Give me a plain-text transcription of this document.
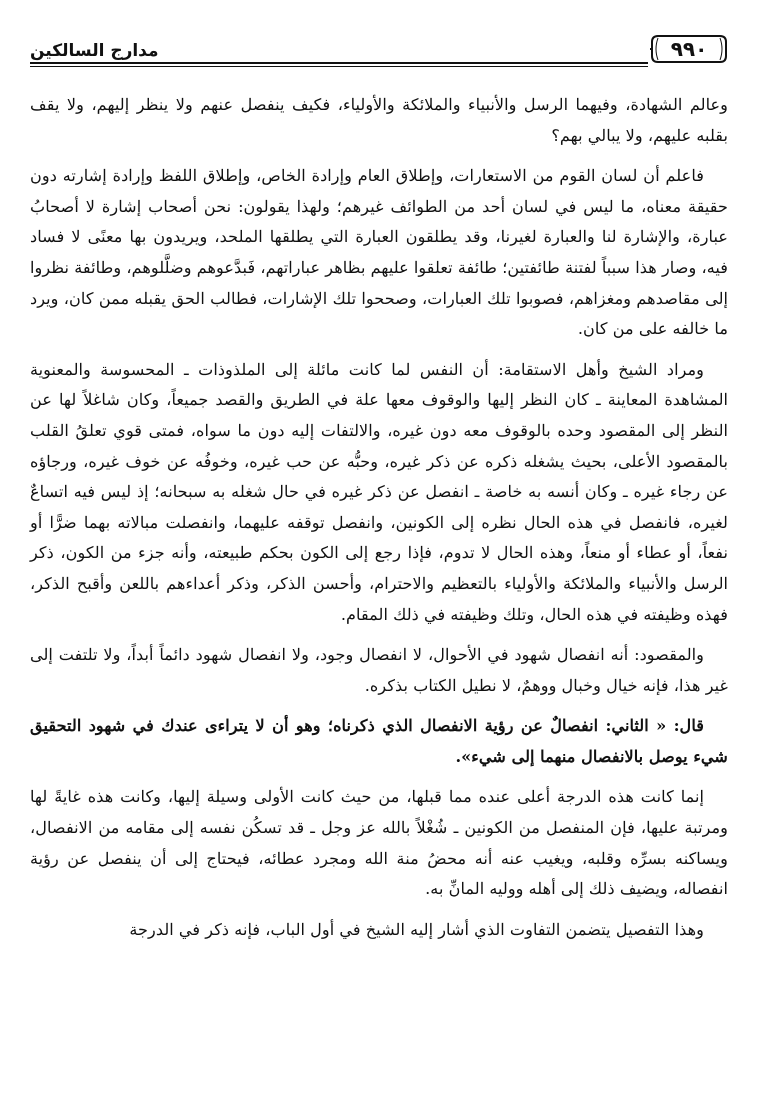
٩٩٠
مدارج السالكين

وعالم الشهادة، وفيهما الرسل والأنبياء والملائكة والأولياء، فكيف ينفصل عنهم ولا ينظر إليهم، ولا يقف بقلبه عليهم، ولا يبالي بهم؟

فاعلم أن لسان القوم من الاستعارات، وإطلاق العام وإرادة الخاص، وإطلاق اللفظ وإرادة إشارته دون حقيقة معناه، ما ليس في لسان أحد من الطوائف غيرهم؛ ولهذا يقولون: نحن أصحاب إشارة لا أصحابُ عبارة، والإشارة لنا والعبارة لغيرنا، وقد يطلقون العبارة التي يطلقها الملحد، ويريدون بها معنًى لا فساد فيه، وصار هذا سبباً لفتنة طائفتين؛ طائفة تعلقوا عليهم بظاهر عباراتهم، فَبدَّعوهم وضلَّلوهم، وطائفة نظروا إلى مقاصدهم ومغزاهم، فصوبوا تلك العبارات، وصححوا تلك الإشارات، فطالب الحق يقبله ممن كان، ويرد ما خالفه على من كان.

ومراد الشيخ وأهل الاستقامة: أن النفس لما كانت مائلة إلى الملذوذات ـ المحسوسة والمعنوية المشاهدة المعاينة ـ كان النظر إليها والوقوف معها علة في الطريق والقصد جميعاً، وكان شاغلاً لها عن النظر إلى المقصود وحده بالوقوف معه دون غيره، والالتفات إليه دون ما سواه، فمتى قوي تعلقُ القلب بالمقصود الأعلى، بحيث يشغله ذكره عن ذكر غيره، وحبُّه عن حب غيره، وخوفُه عن خوف غيره، ورجاؤه عن رجاء غيره ـ وكان أنسه به خاصة ـ انفصل عن ذكر غيره في حال شغله به سبحانه؛ إذ ليس فيه اتساعٌ لغيره، فانفصل في هذه الحال نظره إلى الكونين، وانفصل توقفه عليهما، وانفصلت مبالاته بهما ضرًّا أو نفعاً، أو عطاء أو منعاً، وهذه الحال لا تدوم، فإذا رجع إلى الكون بحكم طبيعته، وأنه جزء من الكون، ذكر الرسل والأنبياء والملائكة والأولياء بالتعظيم والاحترام، وأحسن الذكر، وذكر أعداءهم باللعن وأقبح الذكر، فهذه وظيفته في هذه الحال، وتلك وظيفته في ذلك المقام.

والمقصود: أنه انفصال شهود في الأحوال، لا انفصال وجود، ولا انفصال شهود دائماً أبداً، ولا تلتفت إلى غير هذا، فإنه خيال وخبال ووهمٌ، لا نطيل الكتاب بذكره.

قال: « الثاني: انفصالٌ عن رؤية الانفصال الذي ذكرناه؛ وهو أن لا يتراءى عندك في شهود التحقيق شيء يوصل بالانفصال منهما إلى شيء».

إنما كانت هذه الدرجة أعلى عنده مما قبلها، من حيث كانت الأولى وسيلة إليها، وكانت هذه غايةً لها ومرتبة عليها، فإن المنفصل من الكونين ـ شُغْلاً بالله عز وجل ـ قد تسكُن نفسه إلى مقامه من الانفصال، ويساكنه بسرِّه وقلبه، ويغيب عنه أنه محضُ منة الله ومجرد عطائه، فيحتاج إلى أن ينفصل عن رؤية انفصاله، ويضيف ذلك إلى أهله ووليه المانِّ به.

وهذا التفصيل يتضمن التفاوت الذي أشار إليه الشيخ في أول الباب، فإنه ذكر في الدرجة
